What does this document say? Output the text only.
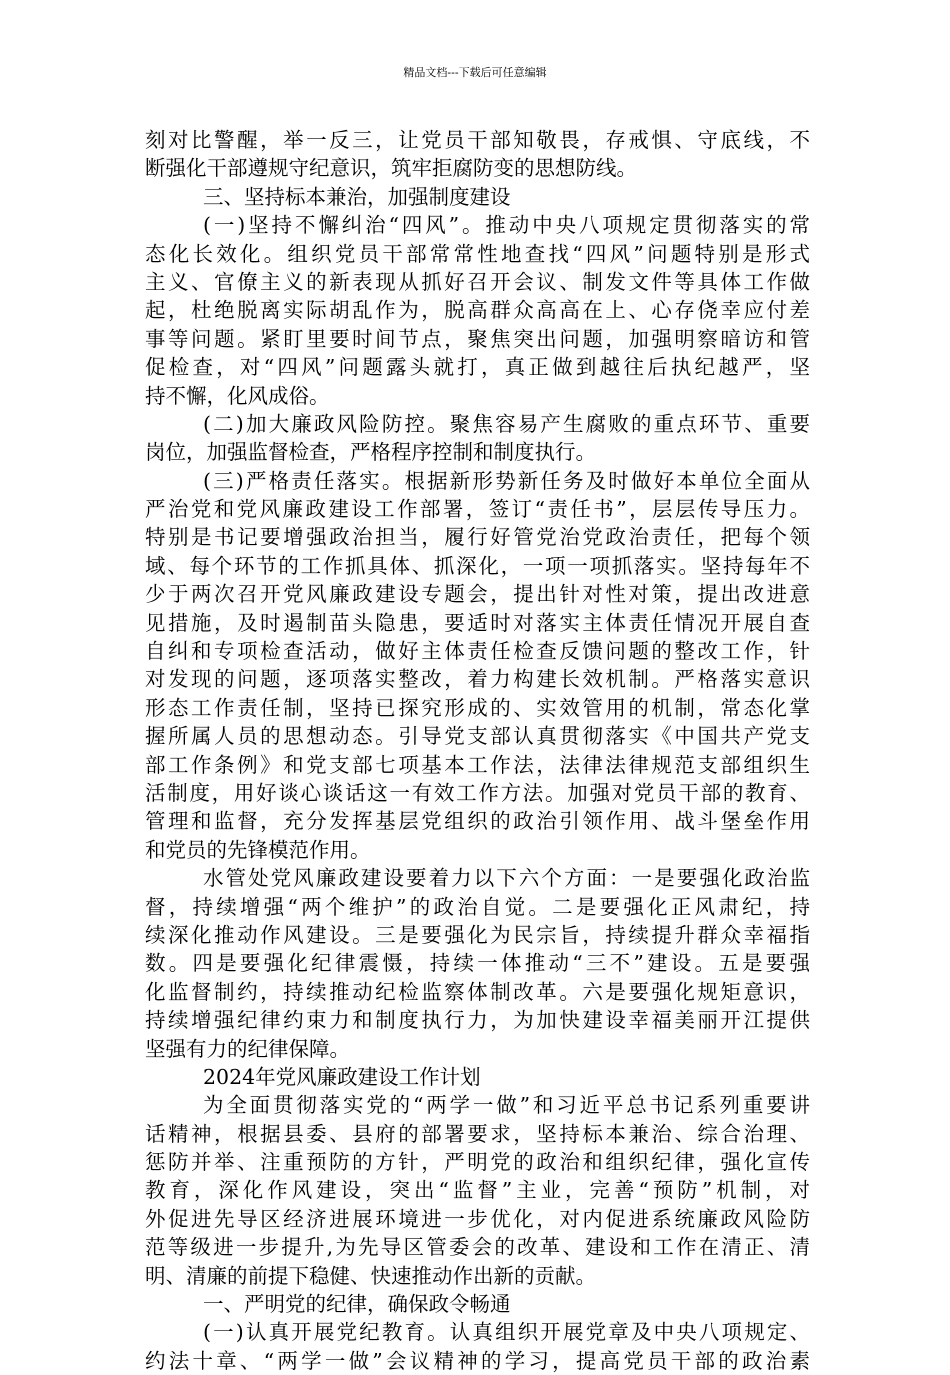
精品文档---下载后可任意编辑
刻对比警醒，举一反三，让党员干部知敬畏，存戒惧、守底线，不
断强化干部遵规守纪意识，筑牢拒腐防变的思想防线。
三、坚持标本兼治，加强制度建设
(一)坚持不懈纠治“四风”。推动中央八项规定贯彻落实的常
态化长效化。组织党员干部常常性地查找“四风”问题特别是形式
主义、官僚主义的新表现从抓好召开会议、制发文件等具体工作做
起，杜绝脱离实际胡乱作为，脱高群众高高在上、心存侥幸应付差
事等问题。紧盯里要时间节点，聚焦突出问题，加强明察暗访和管
促检查，对“四风”问题露头就打，真正做到越往后执纪越严，坚
持不懈，化风成俗。
(二)加大廉政风险防控。聚焦容易产生腐败的重点环节、重要
岗位，加强监督检查，严格程序控制和制度执行。
(三)严格责任落实。根据新形势新任务及时做好本单位全面从
严治党和党风廉政建设工作部署，签订“责任书”，层层传导压力。
特别是书记要增强政治担当，履行好管党治党政治责任，把每个领
域、每个环节的工作抓具体、抓深化，一项一项抓落实。坚持每年不
少于两次召开党风廉政建设专题会，提出针对性对策，提出改进意
见措施，及时遏制苗头隐患，要适时对落实主体责任情况开展自查
自纠和专项检查活动，做好主体责任检查反馈问题的整改工作，针
对发现的问题，逐项落实整改，着力构建长效机制。严格落实意识
形态工作责任制，坚持已探究形成的、实效管用的机制，常态化掌
握所属人员的思想动态。引导党支部认真贯彻落实《中国共产党支
部工作条例》和党支部七项基本工作法，法律法律规范支部组织生
活制度，用好谈心谈话这一有效工作方法。加强对党员干部的教育、
管理和监督，充分发挥基层党组织的政治引领作用、战斗堡垒作用
和党员的先锋模范作用。
水管处党风廉政建设要着力以下六个方面：一是要强化政治监
督，持续增强“两个维护”的政治自觉。二是要强化正风肃纪，持
续深化推动作风建设。三是要强化为民宗旨，持续提升群众幸福指
数。四是要强化纪律震慑，持续一体推动“三不”建设。五是要强
化监督制约，持续推动纪检监察体制改革。六是要强化规矩意识，
持续增强纪律约束力和制度执行力，为加快建设幸福美丽开江提供
坚强有力的纪律保障。
2024年党风廉政建设工作计划
为全面贯彻落实党的“两学一做”和习近平总书记系列重要讲
话精神，根据县委、县府的部署要求，坚持标本兼治、综合治理、
惩防并举、注重预防的方针，严明党的政治和组织纪律，强化宣传
教育，深化作风建设，突出“监督”主业，完善“预防”机制，对
外促进先导区经济进展环境进一步优化，对内促进系统廉政风险防
范等级进一步提升,为先导区管委会的改革、建设和工作在清正、清
明、清廉的前提下稳健、快速推动作出新的贡献。
一、严明党的纪律，确保政令畅通
(一)认真开展党纪教育。认真组织开展党章及中央八项规定、
约法十章、“两学一做”会议精神的学习，提高党员干部的政治素
